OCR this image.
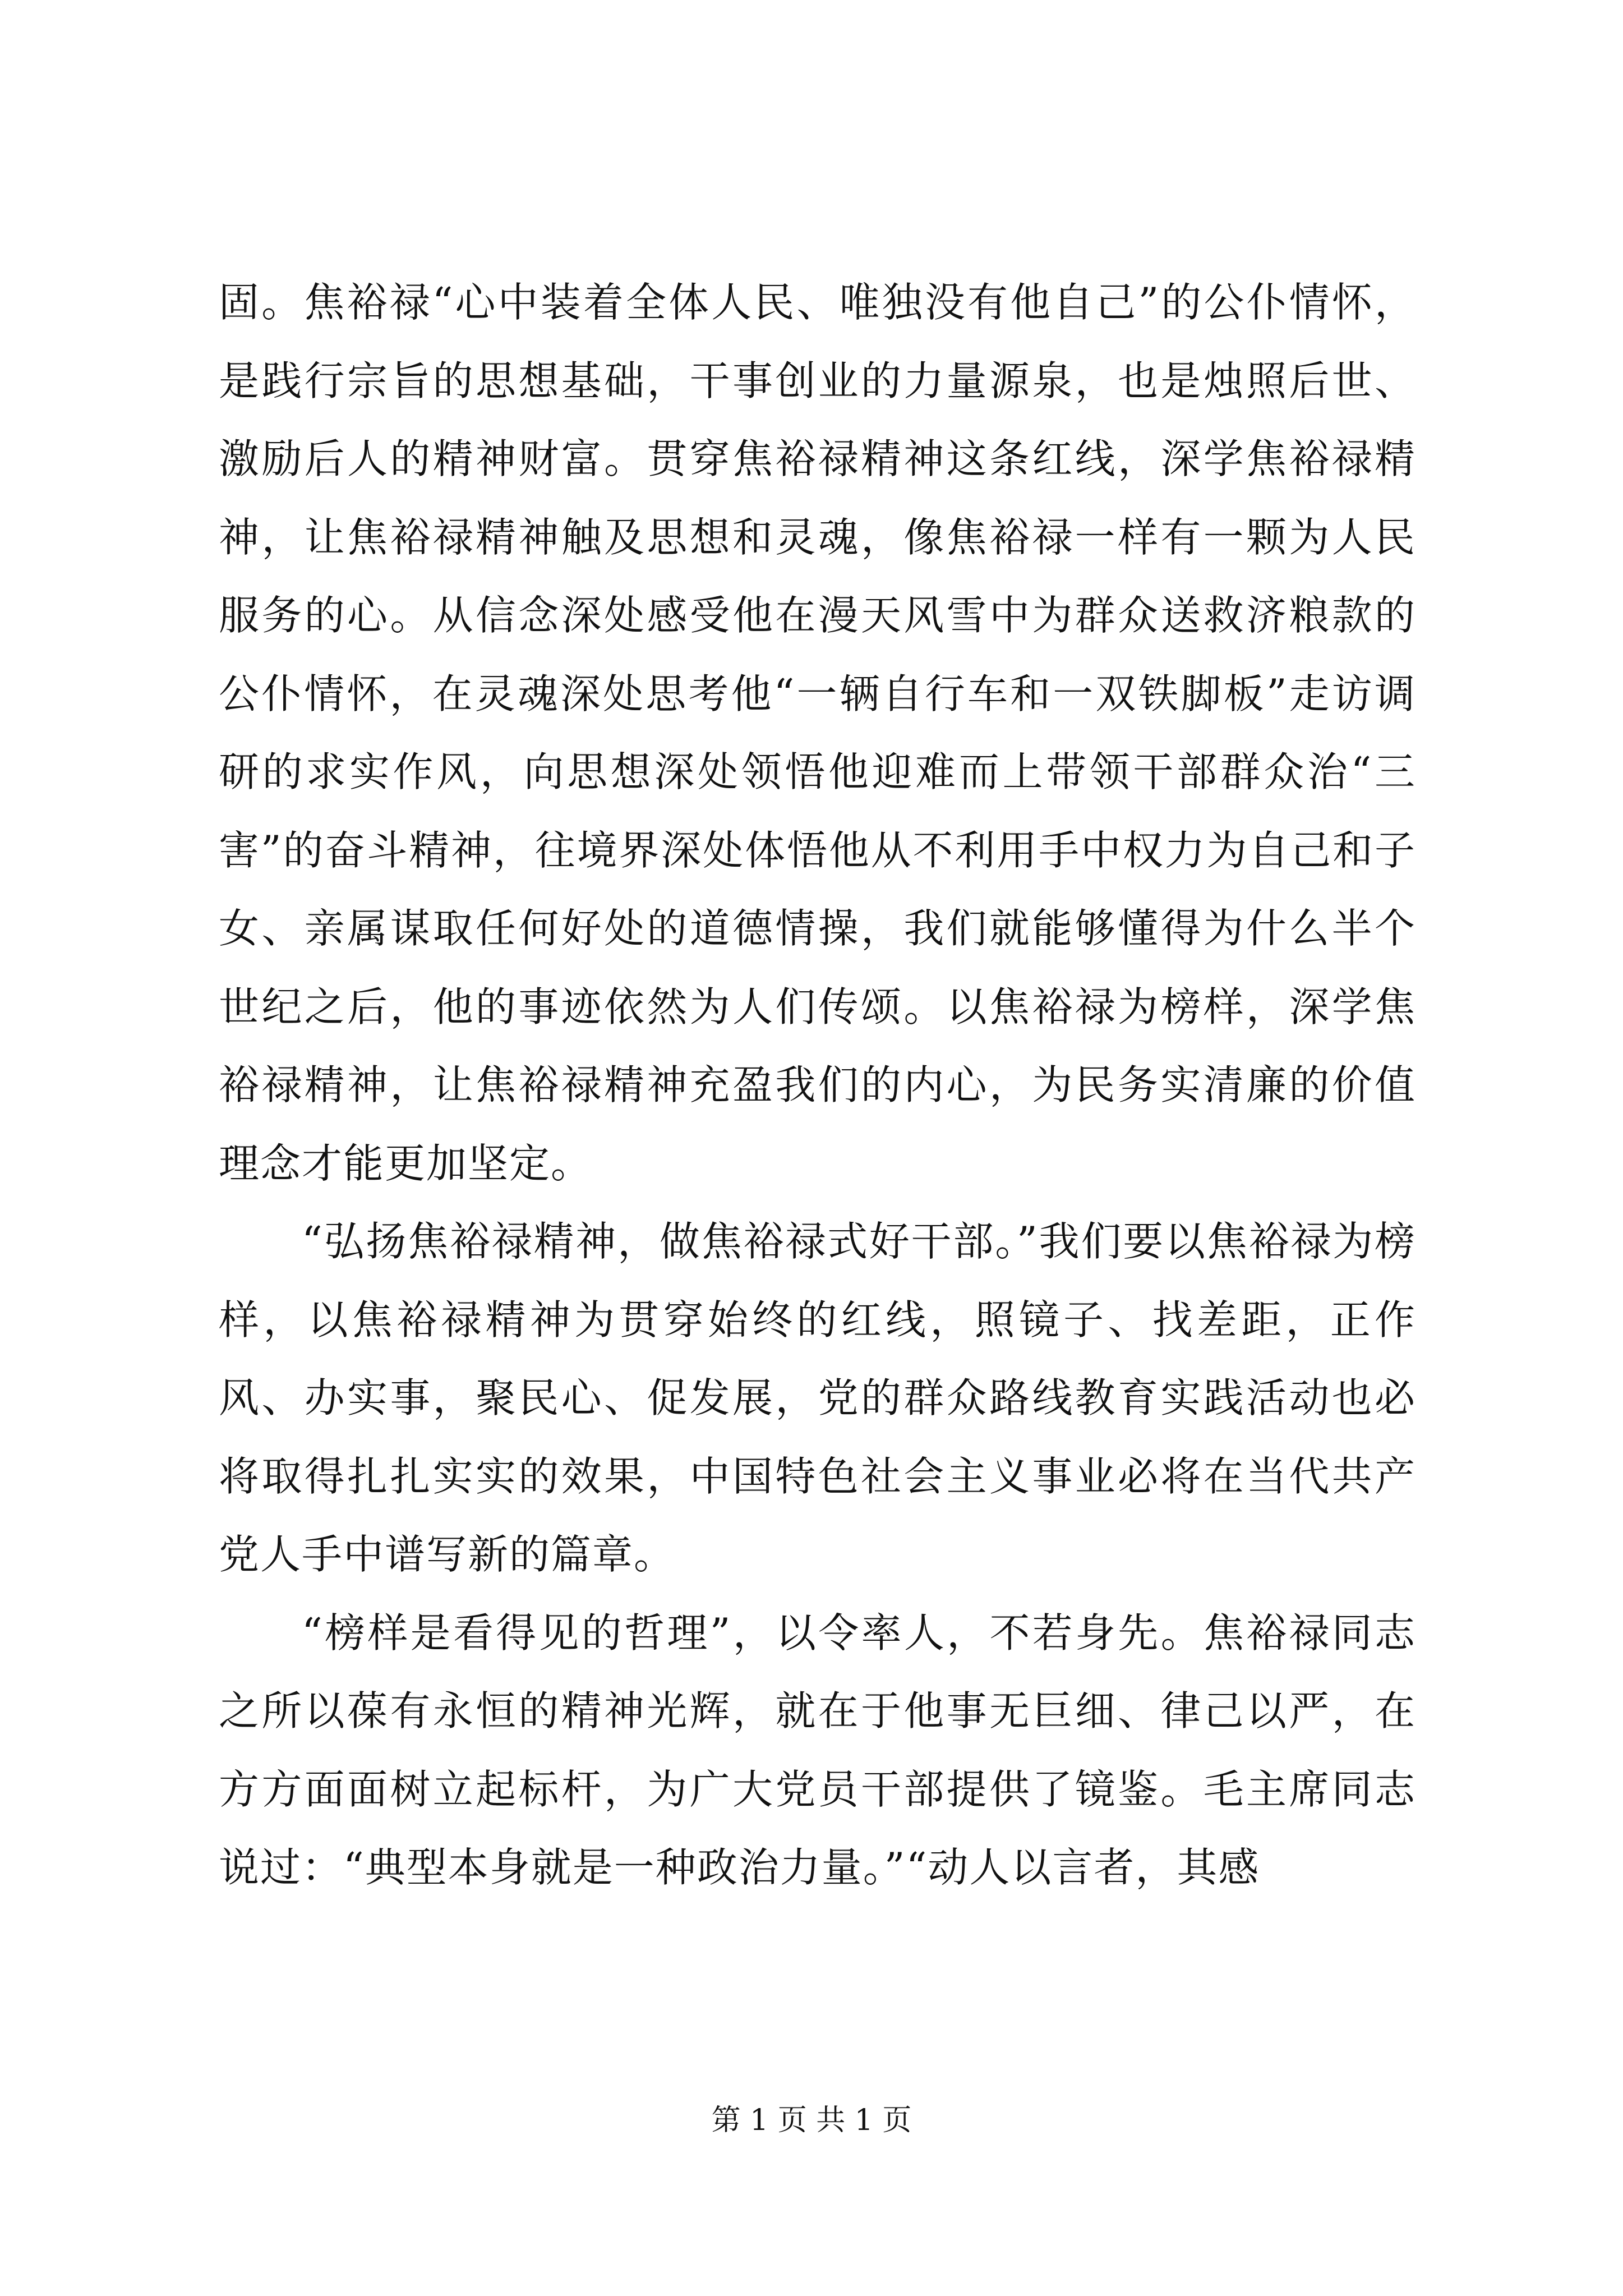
固。焦裕禄“心中装着全体人民、唯独没有他自己”的公仆情怀，是践行宗旨的思想基础，干事创业的力量源泉，也是烛照后世、激励后人的精神财富。贯穿焦裕禄精神这条红线，深学焦裕禄精神，让焦裕禄精神触及思想和灵魂，像焦裕禄一样有一颗为人民服务的心。从信念深处感受他在漫天风雪中为群众送救济粮款的公仆情怀，在灵魂深处思考他“一辆自行车和一双铁脚板”走访调研的求实作风，向思想深处领悟他迎难而上带领干部群众治“三害”的奋斗精神，往境界深处体悟他从不利用手中权力为自己和子女、亲属谋取任何好处的道德情操，我们就能够懂得为什么半个世纪之后，他的事迹依然为人们传颂。以焦裕禄为榜样，深学焦裕禄精神，让焦裕禄精神充盈我们的内心，为民务实清廉的价值理念才能更加坚定。

“弘扬焦裕禄精神，做焦裕禄式好干部。”我们要以焦裕禄为榜样，以焦裕禄精神为贯穿始终的红线，照镜子、找差距，正作风、办实事，聚民心、促发展，党的群众路线教育实践活动也必将取得扎扎实实的效果，中国特色社会主义事业必将在当代共产党人手中谱写新的篇章。

“榜样是看得见的哲理”，以令率人，不若身先。焦裕禄同志之所以葆有永恒的精神光辉，就在于他事无巨细、律己以严，在方方面面树立起标杆，为广大党员干部提供了镜鉴。毛主席同志说过：“典型本身就是一种政治力量。”“动人以言者，其感

第 1 页 共 1 页
